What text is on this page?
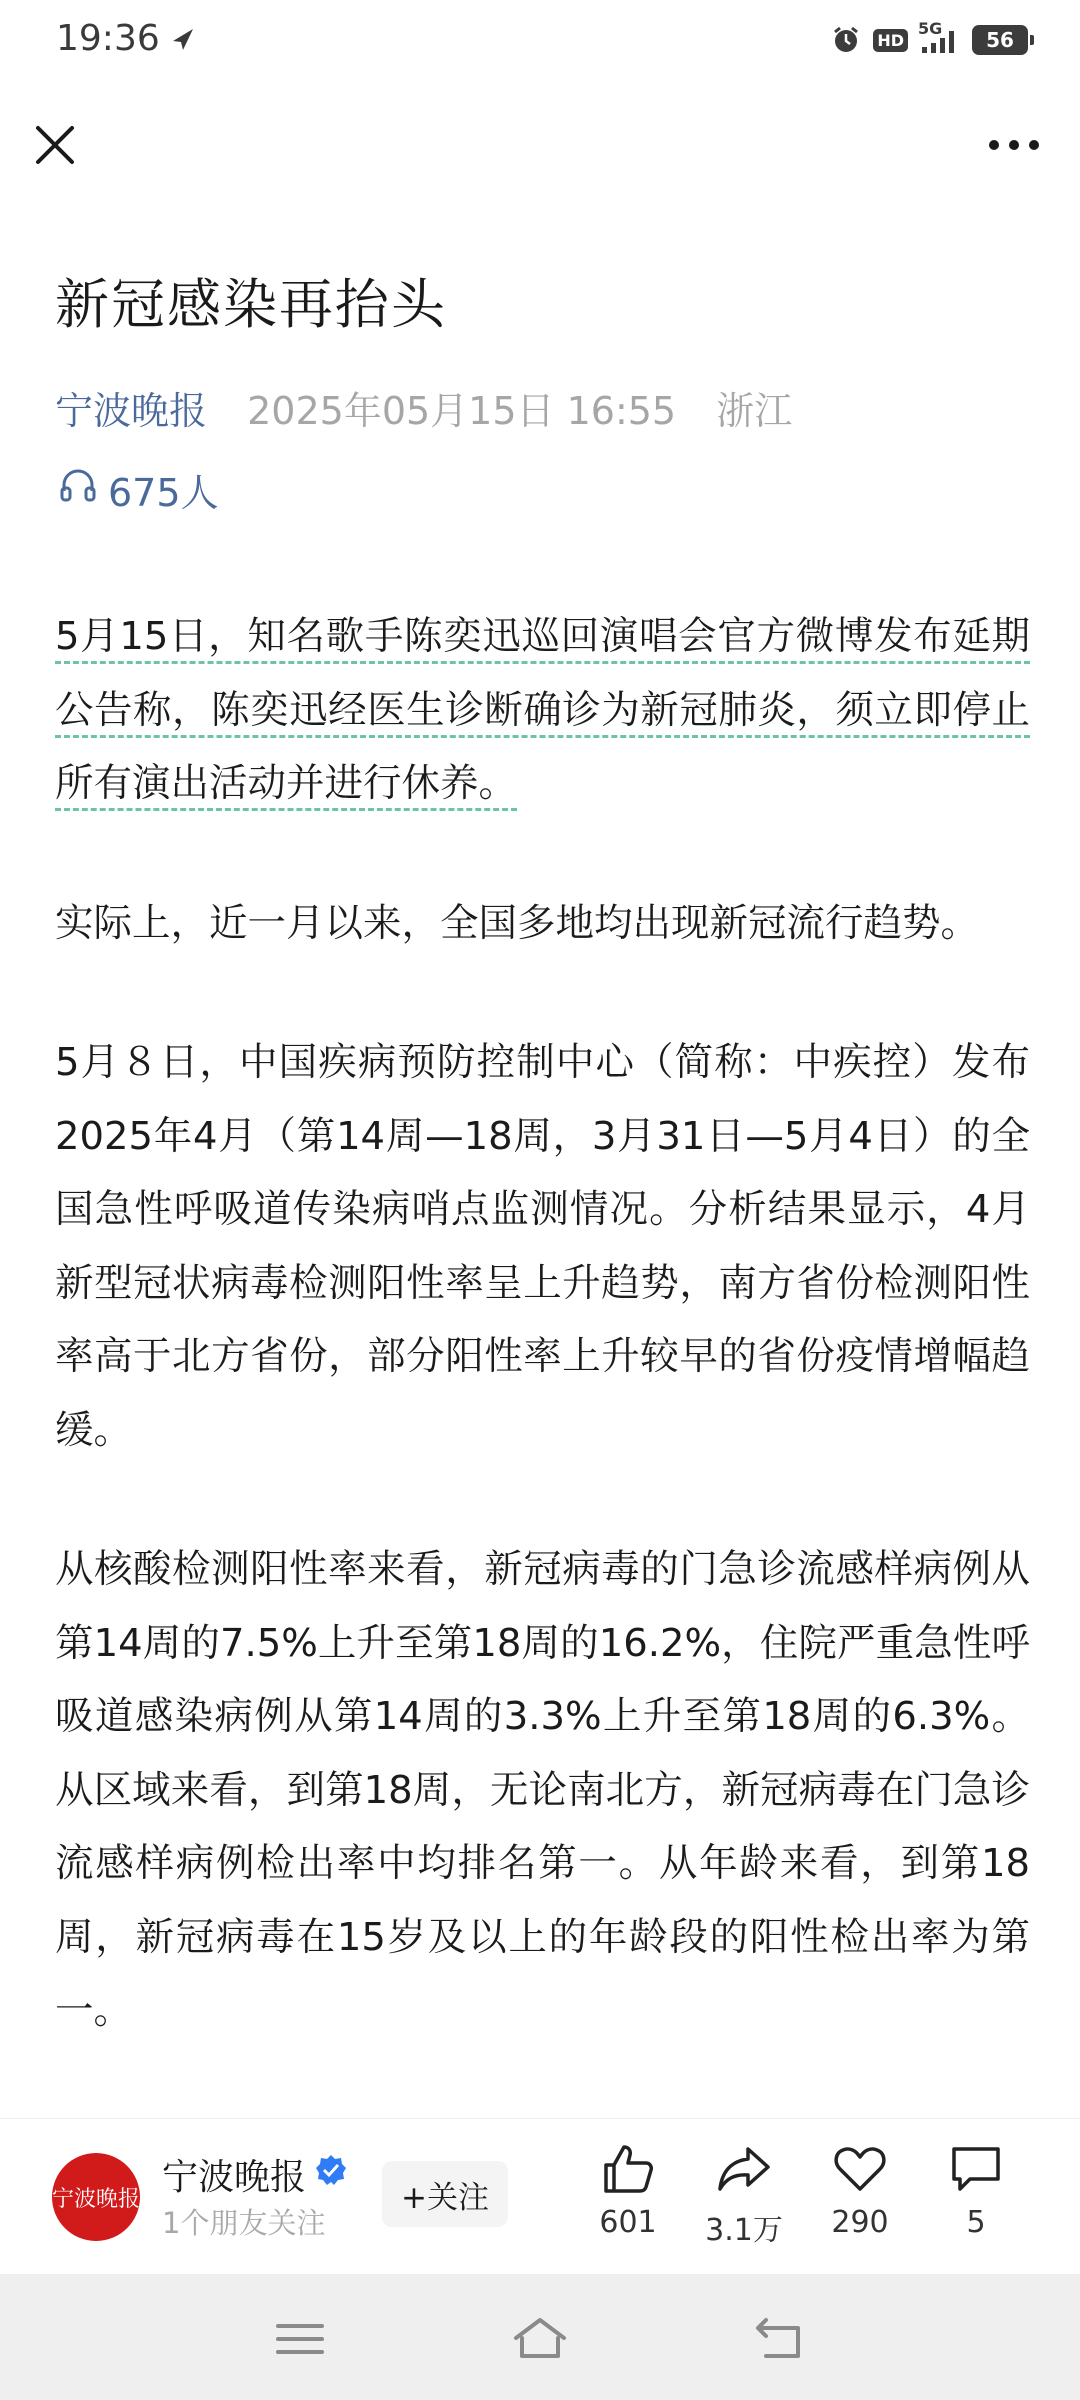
19:36	HD
5G	56
新冠感染再抬头
宁波晚报 2025年05月15日 16:55 浙江
675人

5月15日，知名歌手陈奕迅巡回演唱会官方微博发布延期公告称，陈奕迅经医生诊断确诊为新冠肺炎，须立即停止所有演出活动并进行休养。

实际上，近一月以来，全国多地均出现新冠流行趋势。

5月８日，中国疾病预防控制中心（简称：中疾控）发布2025年4月（第14周—18周，3月31日—5月4日）的全国急性呼吸道传染病哨点监测情况。分析结果显示，4月新型冠状病毒检测阳性率呈上升趋势，南方省份检测阳性率高于北方省份，部分阳性率上升较早的省份疫情增幅趋缓。

从核酸检测阳性率来看，新冠病毒的门急诊流感样病例从第14周的7.5%上升至第18周的16.2%，住院严重急性呼吸道感染病例从第14周的3.3%上升至第18周的6.3%。从区域来看，到第18周，无论南北方，新冠病毒在门急诊流感样病例检出率中均排名第一。从年龄来看，到第18周，新冠病毒在15岁及以上的年龄段的阳性检出率为第一。

宁波晚报
宁波晚报
1个朋友关注
+关注
601	3.1万	290	5
